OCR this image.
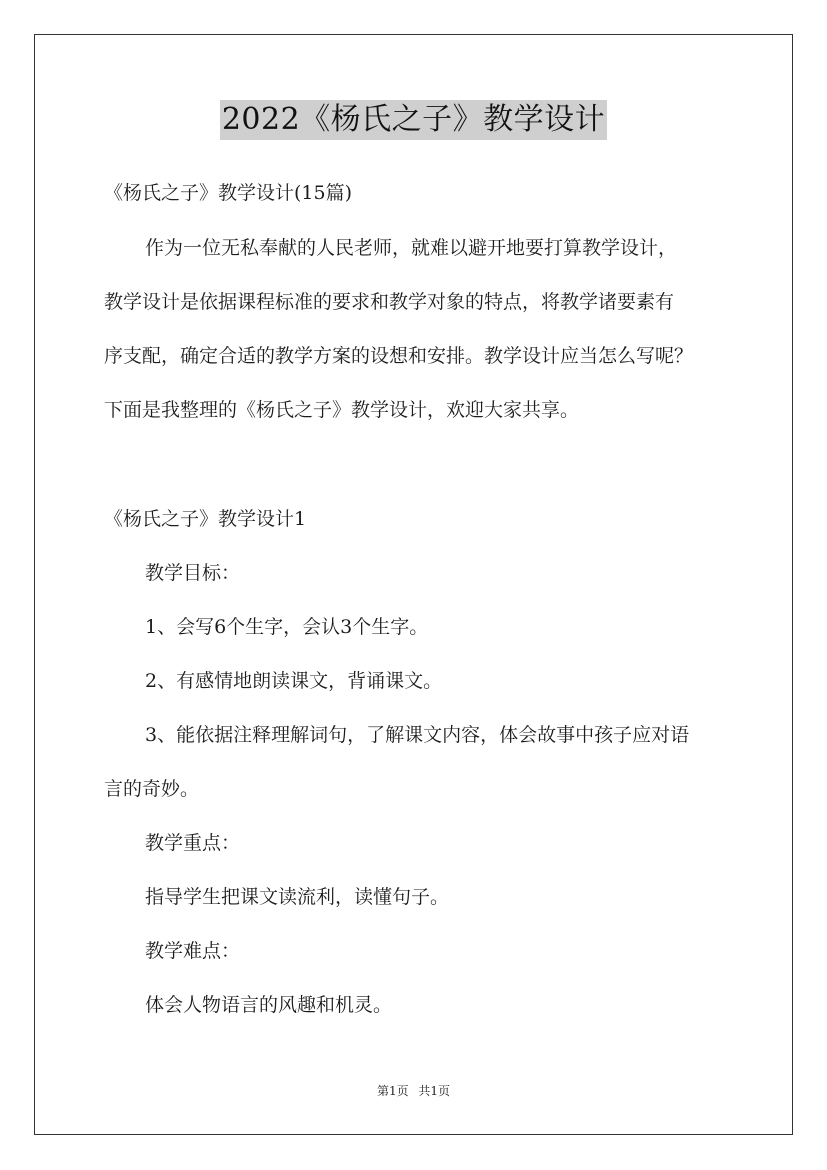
2022《杨氏之子》教学设计
《杨氏之子》教学设计(15篇)
作为一位无私奉献的人民老师，就难以避开地要打算教学设计，
教学设计是依据课程标准的要求和教学对象的特点，将教学诸要素有
序支配，确定合适的教学方案的设想和安排。教学设计应当怎么写呢？
下面是我整理的《杨氏之子》教学设计，欢迎大家共享。
《杨氏之子》教学设计1
教学目标：
1、会写6个生字，会认3个生字。
2、有感情地朗读课文，背诵课文。
3、能依据注释理解词句，了解课文内容，体会故事中孩子应对语
言的奇妙。
教学重点：
指导学生把课文读流利，读懂句子。
教学难点：
体会人物语言的风趣和机灵。
第1页 共1页
